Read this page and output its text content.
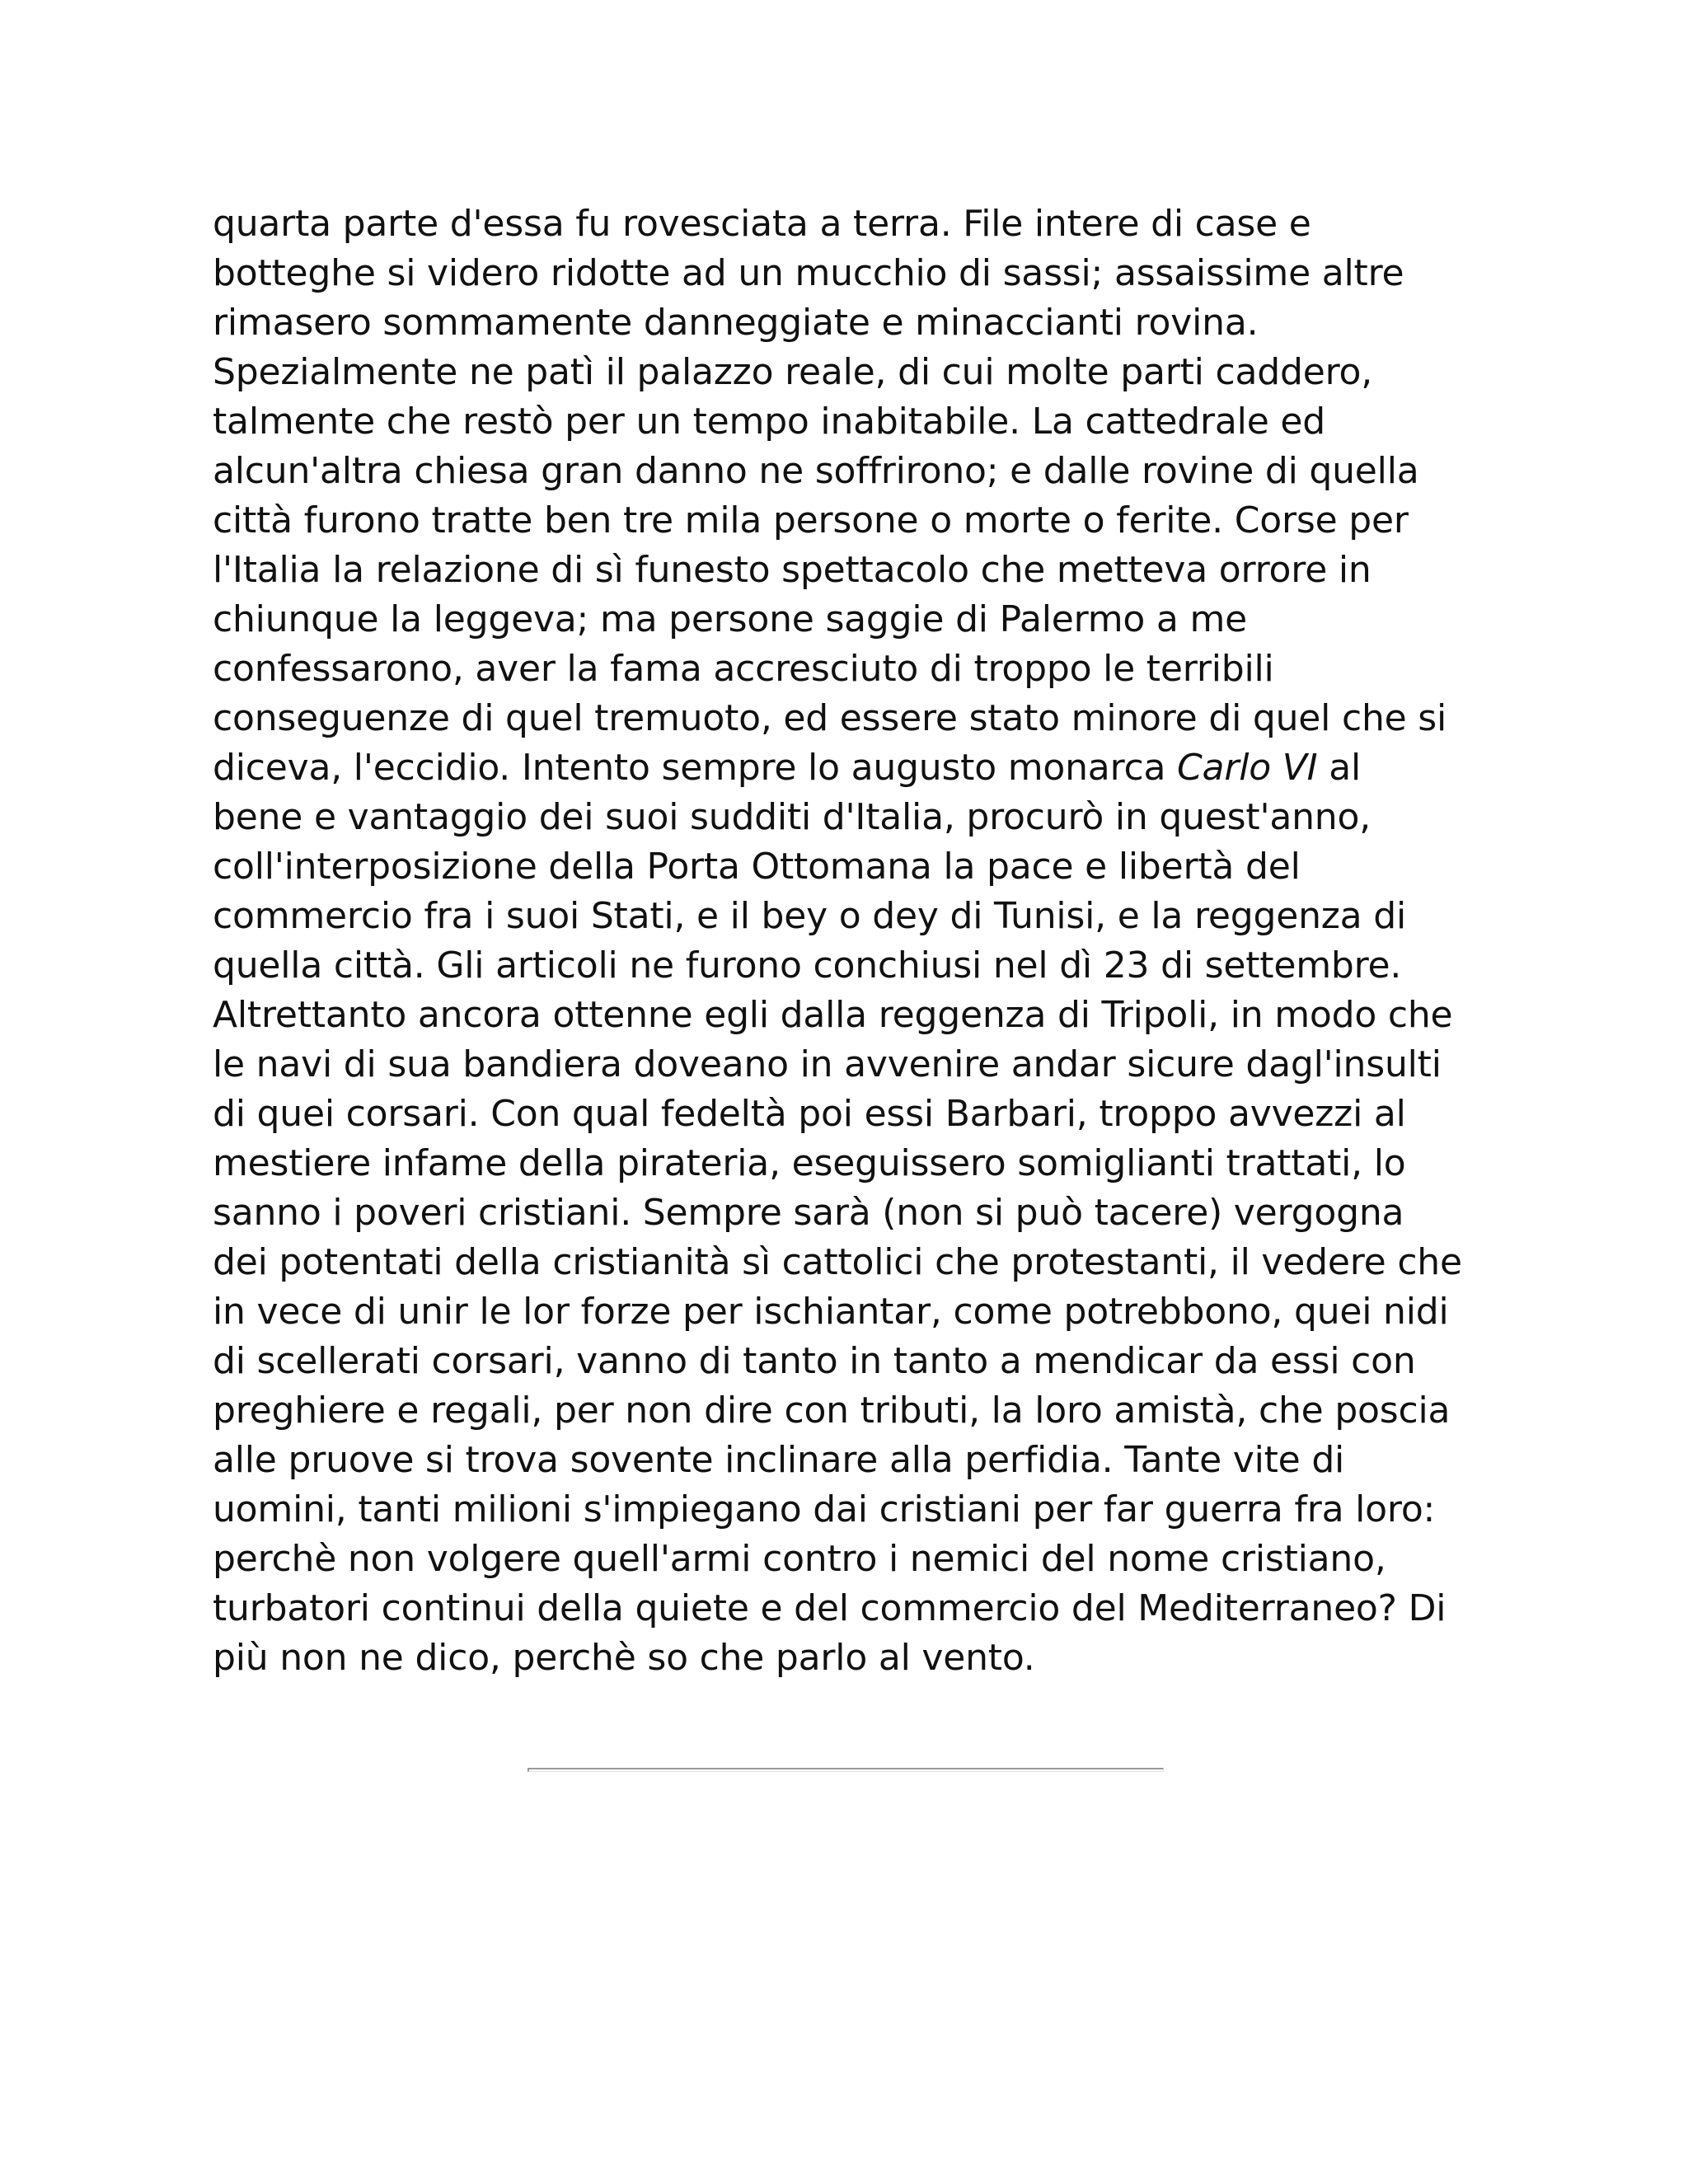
quarta parte d'essa fu rovesciata a terra. File intere di case e
botteghe si videro ridotte ad un mucchio di sassi; assaissime altre
rimasero sommamente danneggiate e minaccianti rovina.
Spezialmente ne patì il palazzo reale, di cui molte parti caddero,
talmente che restò per un tempo inabitabile. La cattedrale ed
alcun'altra chiesa gran danno ne soffrirono; e dalle rovine di quella
città furono tratte ben tre mila persone o morte o ferite. Corse per
l'Italia la relazione di sì funesto spettacolo che metteva orrore in
chiunque la leggeva; ma persone saggie di Palermo a me
confessarono, aver la fama accresciuto di troppo le terribili
conseguenze di quel tremuoto, ed essere stato minore di quel che si
diceva, l'eccidio. Intento sempre lo augusto monarca Carlo VI al
bene e vantaggio dei suoi sudditi d'Italia, procurò in quest'anno,
coll'interposizione della Porta Ottomana la pace e libertà del
commercio fra i suoi Stati, e il bey o dey di Tunisi, e la reggenza di
quella città. Gli articoli ne furono conchiusi nel dì 23 di settembre.
Altrettanto ancora ottenne egli dalla reggenza di Tripoli, in modo che
le navi di sua bandiera doveano in avvenire andar sicure dagl'insulti
di quei corsari. Con qual fedeltà poi essi Barbari, troppo avvezzi al
mestiere infame della pirateria, eseguissero somiglianti trattati, lo
sanno i poveri cristiani. Sempre sarà (non si può tacere) vergogna
dei potentati della cristianità sì cattolici che protestanti, il vedere che
in vece di unir le lor forze per ischiantar, come potrebbono, quei nidi
di scellerati corsari, vanno di tanto in tanto a mendicar da essi con
preghiere e regali, per non dire con tributi, la loro amistà, che poscia
alle pruove si trova sovente inclinare alla perfidia. Tante vite di
uomini, tanti milioni s'impiegano dai cristiani per far guerra fra loro:
perchè non volgere quell'armi contro i nemici del nome cristiano,
turbatori continui della quiete e del commercio del Mediterraneo? Di
più non ne dico, perchè so che parlo al vento.
